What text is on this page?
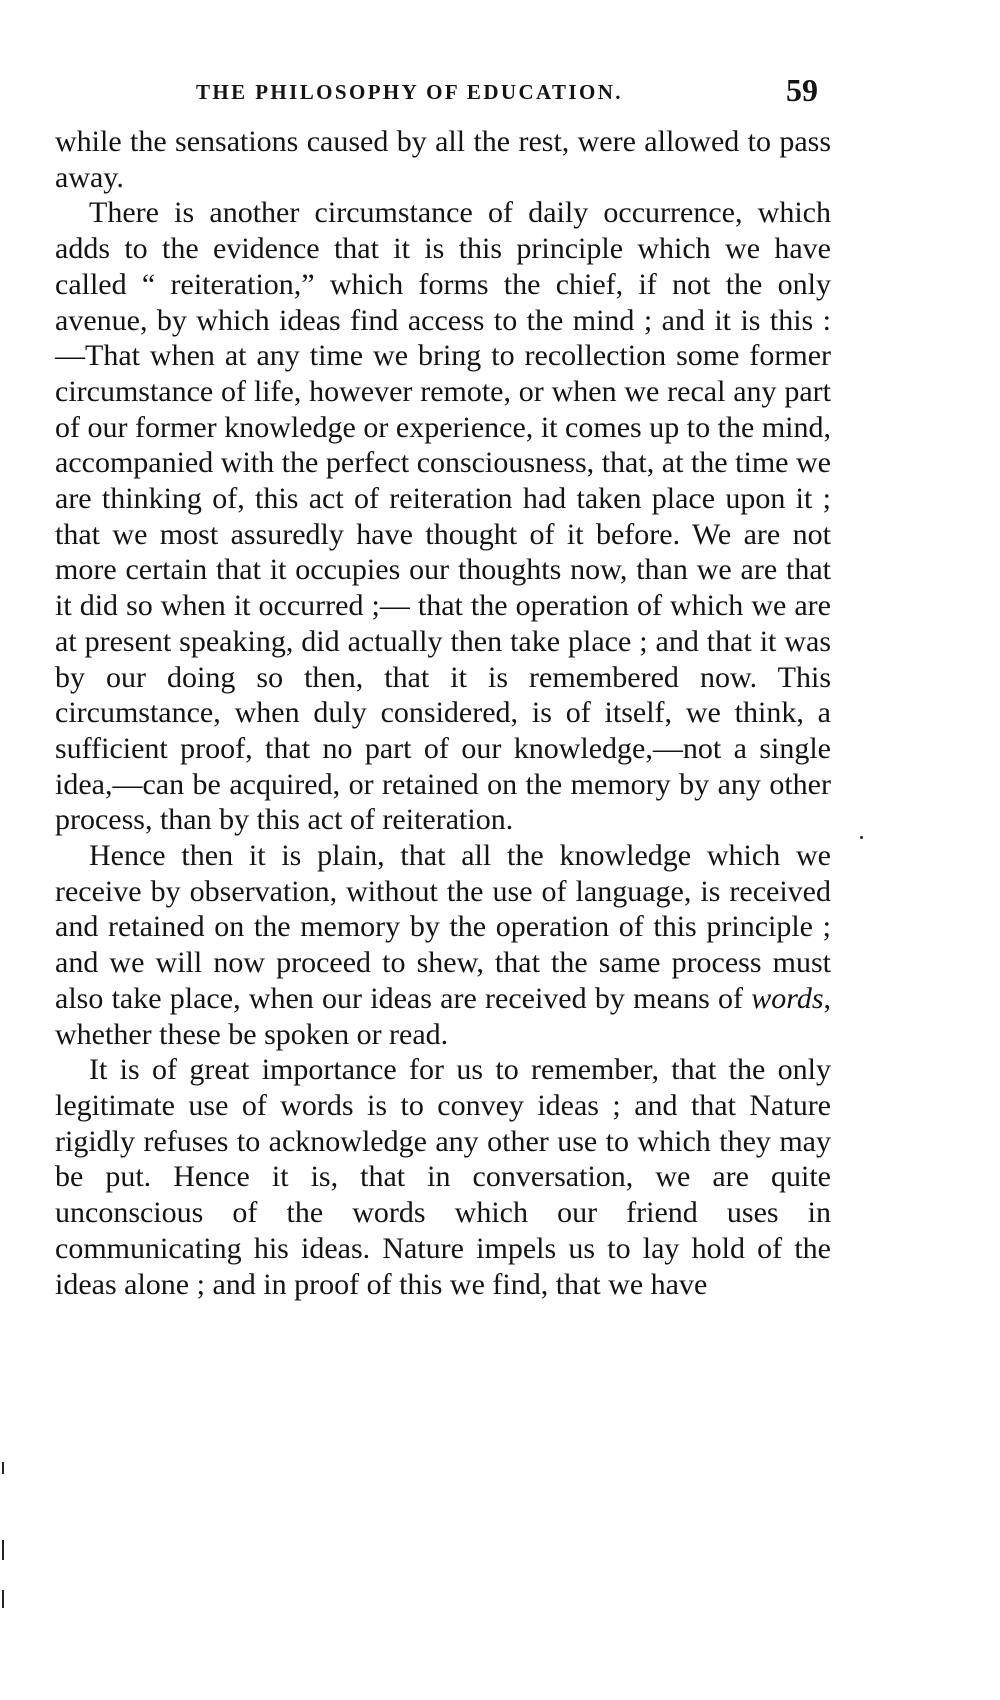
THE PHILOSOPHY OF EDUCATION.	59

while the sensations caused by all the rest, were allowed to pass away.

There is another circumstance of daily occurrence, which adds to the evidence that it is this principle which we have called “ reiteration,” which forms the chief, if not the only avenue, by which ideas find access to the mind ; and it is this :—That when at any time we bring to recollection some former circumstance of life, however remote, or when we recal any part of our former knowledge or experience, it comes up to the mind, accompanied with the perfect consciousness, that, at the time we are thinking of, this act of reiteration had taken place upon it ; that we most assuredly have thought of it before. We are not more certain that it occupies our thoughts now, than we are that it did so when it occurred ;— that the operation of which we are at present speaking, did actually then take place ; and that it was by our doing so then, that it is remembered now. This circumstance, when duly considered, is of itself, we think, a sufficient proof, that no part of our knowledge,—not a single idea,—can be acquired, or retained on the memory by any other process, than by this act of reiteration.

Hence then it is plain, that all the knowledge which we receive by observation, without the use of language, is received and retained on the memory by the operation of this principle ; and we will now proceed to shew, that the same process must also take place, when our ideas are received by means of words, whether these be spoken or read.

It is of great importance for us to remember, that the only legitimate use of words is to convey ideas ; and that Nature rigidly refuses to acknowledge any other use to which they may be put. Hence it is, that in conversation, we are quite unconscious of the words which our friend uses in communicating his ideas. Nature impels us to lay hold of the ideas alone ; and in proof of this we find, that we have
